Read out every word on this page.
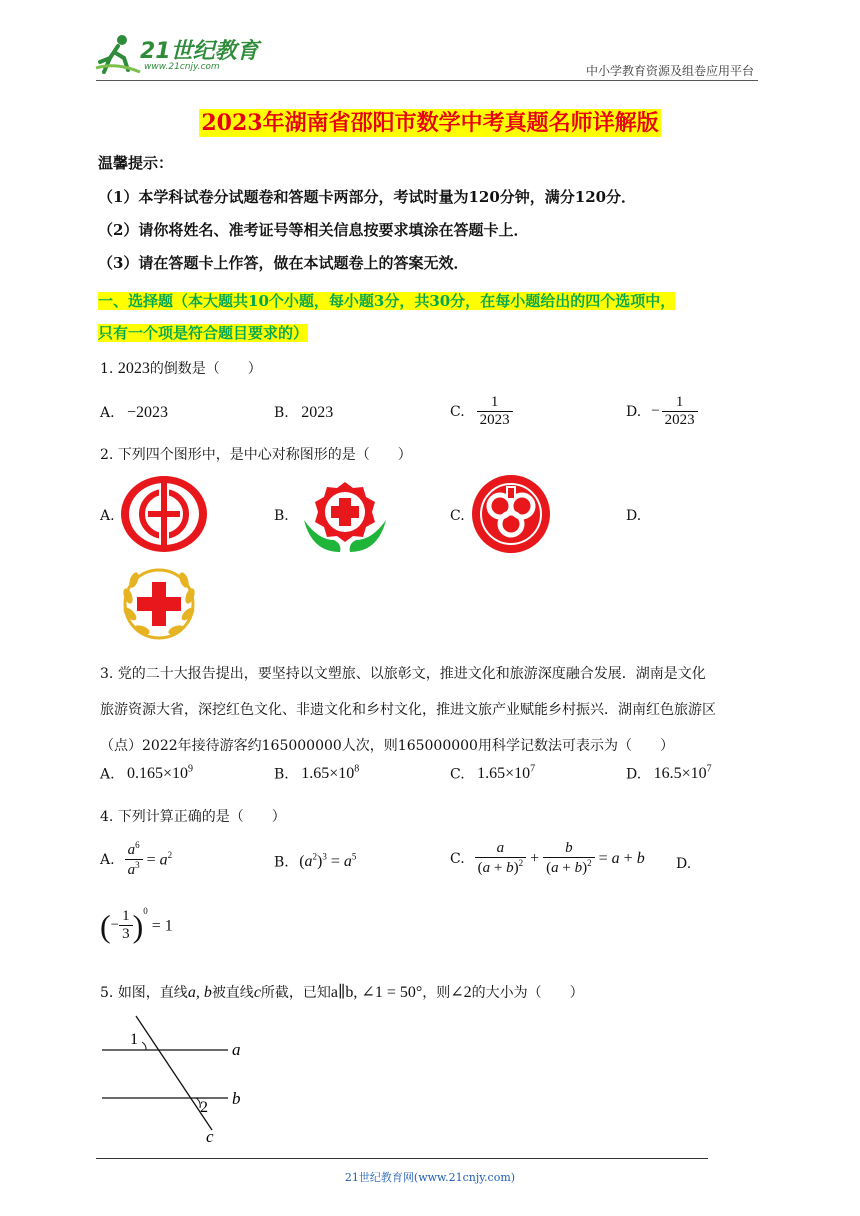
21世纪教育
www.21cnjy.com	中小学教育资源及组卷应用平台
2023年湖南省邵阳市数学中考真题名师详解版
温馨提示：
（1）本学科试卷分试题卷和答题卡两部分，考试时量为120分钟，满分120分．
（2）请你将姓名、准考证号等相关信息按要求填涂在答题卡上．
（3）请在答题卡上作答，做在本试题卷上的答案无效．
一、选择题（本大题共10个小题，每小题3分，共30分，在每小题给出的四个选项中，
只有一个项是符合题目要求的）
1. 2023的倒数是（　　）
A. −2023	B. 2023	C. $\frac{1}{2023}$	D. − $\frac{1}{2023}$
2. 下列四个图形中，是中心对称图形的是（　　）
A.	B.	C.	D.
3. 党的二十大报告提出，要坚持以文塑旅、以旅彰文，推进文化和旅游深度融合发展．湖南是文化
旅游资源大省，深挖红色文化、非遗文化和乡村文化，推进文旅产业赋能乡村振兴．湖南红色旅游区
（点）2022年接待游客约165000000人次，则165000000用科学记数法可表示为（　　）
A. $0.165\times 10^9$	B. $1.65\times 10^8$	C. $1.65\times 10^7$	D. $16.5\times 10^7$
4. 下列计算正确的是（　　）
A. $\frac{a^6}{a^3} = a^2$	B. $(a^2)^3 = a^5$	C. $\frac{a}{(a + b)^2} + \frac{b}{(a + b)^2} = a + b$ D.
( − $\frac{1}{3}$ ) $^0$ = 1
5. 如图，直线a, b被直线c所截，已知a∥b, ∠1 = 50°，则∠2的大小为（　　）
1
2
a
b
c
21世纪教育网(www.21cnjy.com)
